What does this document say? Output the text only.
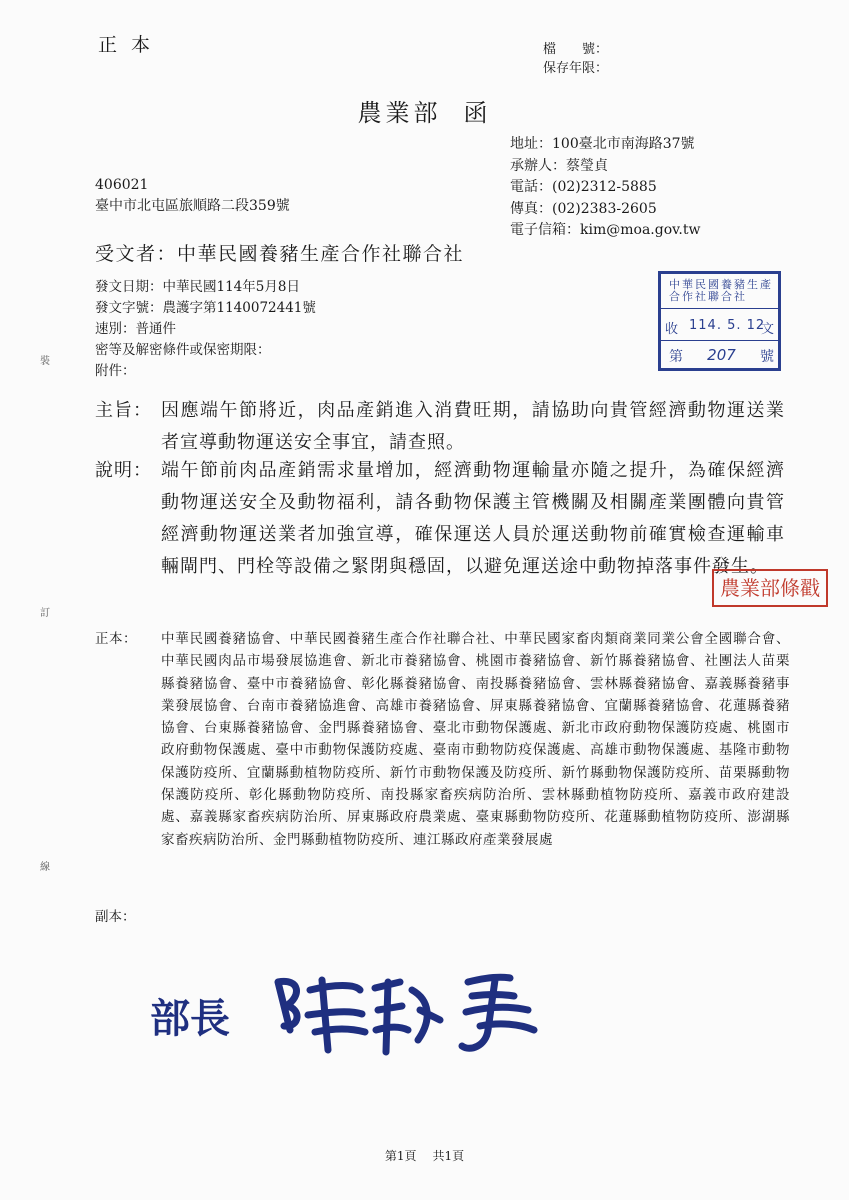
正本	檔　　號：
保存年限：
農業部 函
地址：100臺北市南海路37號
承辦人：蔡瑩貞
電話：(02)2312-5885
傳真：(02)2383-2605
電子信箱：kim@moa.gov.tw
406021
臺中市北屯區旅順路二段359號
受文者：中華民國養豬生產合作社聯合社
發文日期：中華民國114年5月8日
發文字號：農護字第1140072441號
速別：普通件
密等及解密條件或保密期限：
附件：
中華民國養豬生產合作社聯合社
收 114. 5. 12
文
第 207 號
主旨： 因應端午節將近，肉品產銷進入消費旺期，請協助向貴管經濟動物運送業者宣導動物運送安全事宜，請查照。
說明： 端午節前肉品產銷需求量增加，經濟動物運輸量亦隨之提升，為確保經濟動物運送安全及動物福利，請各動物保護主管機關及相關產業團體向貴管經濟動物運送業者加強宣導，確保運送人員於運送動物前確實檢查運輸車輛閘門、門栓等設備之緊閉與穩固，以避免運送途中動物掉落事件發生。
農業部條戳
正本：	中華民國養豬協會、中華民國養豬生產合作社聯合社、中華民國家畜肉類商業同業公會全國聯合會、中華民國肉品市場發展協進會、新北市養豬協會、桃園市養豬協會、新竹縣養豬協會、社團法人苗栗縣養豬協會、臺中市養豬協會、彰化縣養豬協會、南投縣養豬協會、雲林縣養豬協會、嘉義縣養豬事業發展協會、台南市養豬協進會、高雄市養豬協會、屏東縣養豬協會、宜蘭縣養豬協會、花蓮縣養豬協會、台東縣養豬協會、金門縣養豬協會、臺北市動物保護處、新北市政府動物保護防疫處、桃園市政府動物保護處、臺中市動物保護防疫處、臺南市動物防疫保護處、高雄市動物保護處、基隆市動物保護防疫所、宜蘭縣動植物防疫所、新竹市動物保護及防疫所、新竹縣動物保護防疫所、苗栗縣動物保護防疫所、彰化縣動物防疫所、南投縣家畜疾病防治所、雲林縣動植物防疫所、嘉義市政府建設處、嘉義縣家畜疾病防治所、屏東縣政府農業處、臺東縣動物防疫所、花蓮縣動植物防疫所、澎湖縣家畜疾病防治所、金門縣動植物防疫所、連江縣政府產業發展處
副本：
裝
訂
線
部長
第1頁 共1頁
